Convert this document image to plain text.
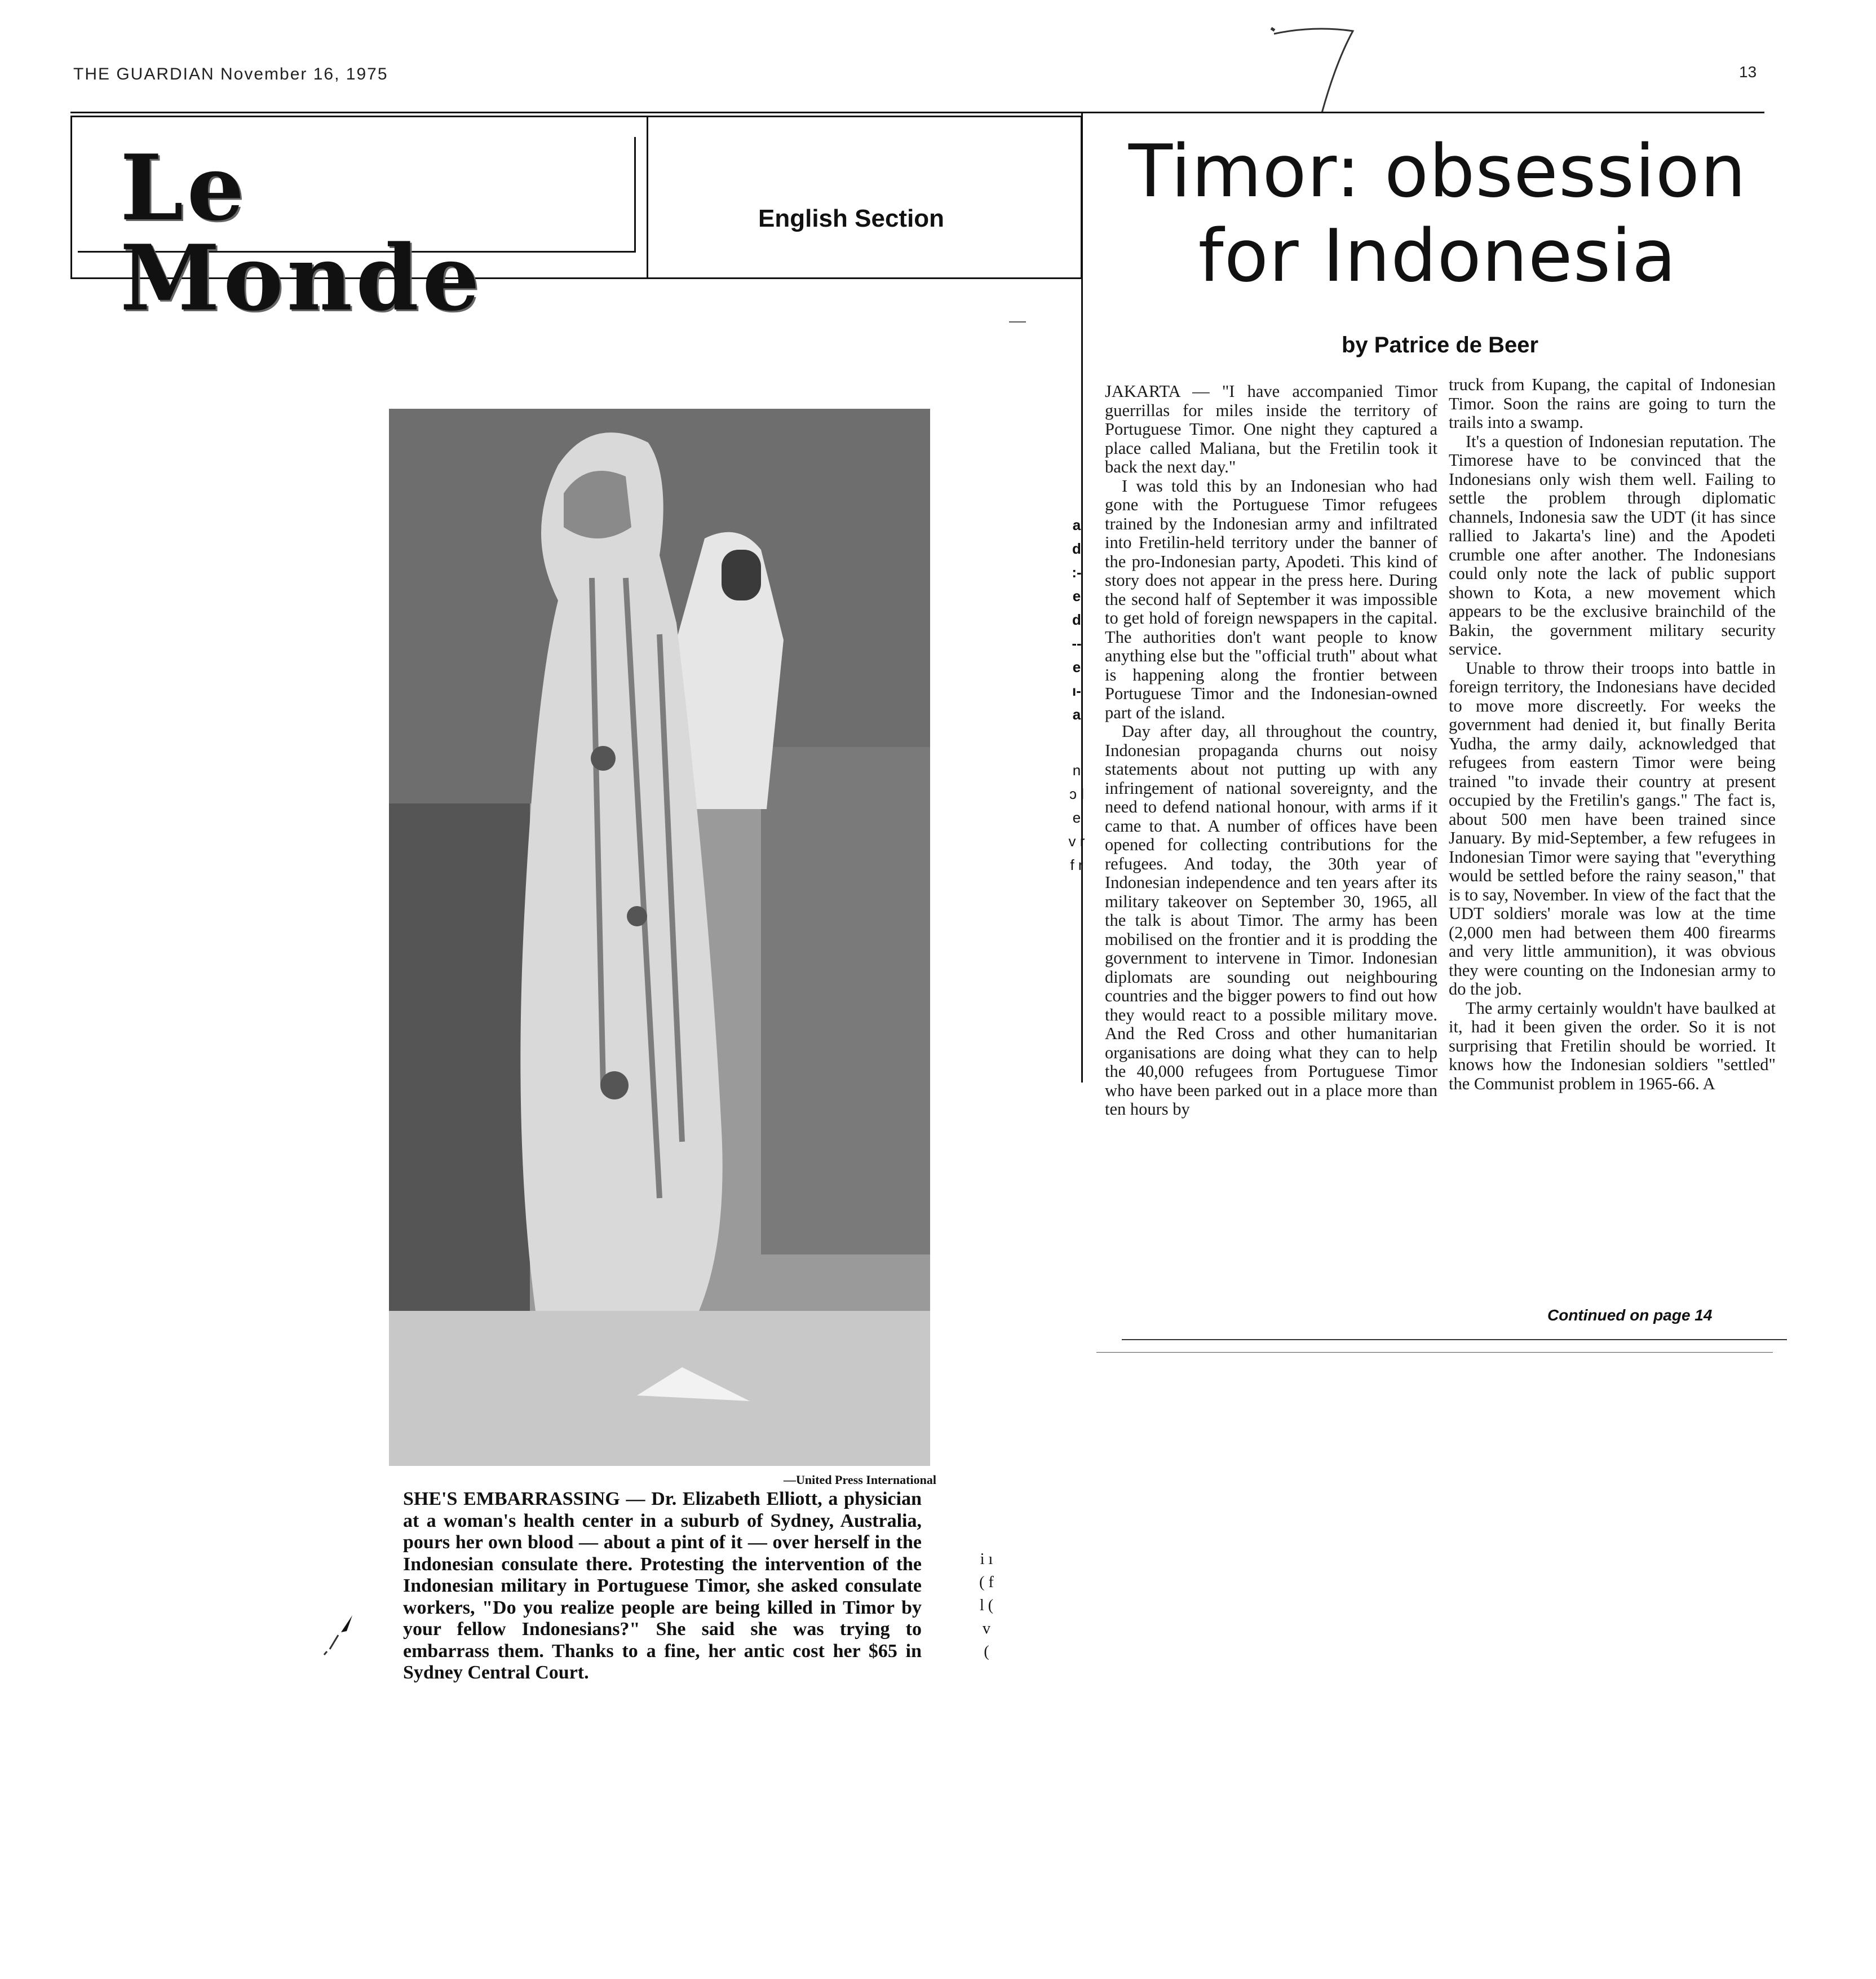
THE GUARDIAN November 16, 1975	13
Le Monde
English Section
Timor: obsession for Indonesia
by Patrice de Beer

JAKARTA — "I have accompanied Timor guerrillas for miles inside the territory of Portuguese Timor. One night they captured a place called Maliana, but the Fretilin took it back the next day."

I was told this by an Indonesian who had gone with the Portuguese Timor refugees trained by the Indonesian army and infiltrated into Fretilin-held territory under the banner of the pro-Indonesian party, Apodeti. This kind of story does not appear in the press here. During the second half of September it was impossible to get hold of foreign newspapers in the capital. The authorities don't want people to know anything else but the "official truth" about what is happening along the frontier between Portuguese Timor and the Indonesian-owned part of the island.

Day after day, all throughout the country, Indonesian propaganda churns out noisy statements about not putting up with any infringement of national sovereignty, and the need to defend national honour, with arms if it came to that. A number of offices have been opened for collecting contributions for the refugees. And today, the 30th year of Indonesian independence and ten years after its military takeover on September 30, 1965, all the talk is about Timor. The army has been mobilised on the frontier and it is prodding the government to intervene in Timor. Indonesian diplomats are sounding out neighbouring countries and the bigger powers to find out how they would react to a possible military move. And the Red Cross and other humanitarian organisations are doing what they can to help the 40,000 refugees from Portuguese Timor who have been parked out in a place more than ten hours by

truck from Kupang, the capital of Indonesian Timor. Soon the rains are going to turn the trails into a swamp.

It's a question of Indonesian reputation. The Timorese have to be convinced that the Indonesians only wish them well. Failing to settle the problem through diplomatic channels, Indonesia saw the UDT (it has since rallied to Jakarta's line) and the Apodeti crumble one after another. The Indonesians could only note the lack of public support shown to Kota, a new movement which appears to be the exclusive brainchild of the Bakin, the government military security service.

Unable to throw their troops into battle in foreign territory, the Indonesians have decided to move more discreetly. For weeks the government had denied it, but finally Berita Yudha, the army daily, acknowledged that refugees from eastern Timor were being trained "to invade their country at present occupied by the Fretilin's gangs." The fact is, about 500 men have been trained since January. By mid-September, a few refugees in Indonesian Timor were saying that "everything would be settled before the rainy season," that is to say, November. In view of the fact that the UDT soldiers' morale was low at the time (2,000 men had between them 400 firearms and very little ammunition), it was obvious they were counting on the Indonesian army to do the job.

The army certainly wouldn't have baulked at it, had it been given the order. So it is not surprising that Fretilin should be worried. It knows how the Indonesian soldiers "settled" the Communist problem in 1965-66. A

Continued on page 14
a d :- e d -- e ı- a
n ɔ l e v r f r
—United Press International
SHE'S EMBARRASSING — Dr. Elizabeth Elliott, a physician at a woman's health center in a suburb of Sydney, Australia, pours her own blood — about a pint of it — over herself in the Indonesian consulate there. Protesting the intervention of the Indonesian military in Portuguese Timor, she asked consulate workers, "Do you realize people are being killed in Timor by your fellow Indonesians?" She said she was trying to embarrass them. Thanks to a fine, her antic cost her $65 in Sydney Central Court.
i ı ( f l ( v (
